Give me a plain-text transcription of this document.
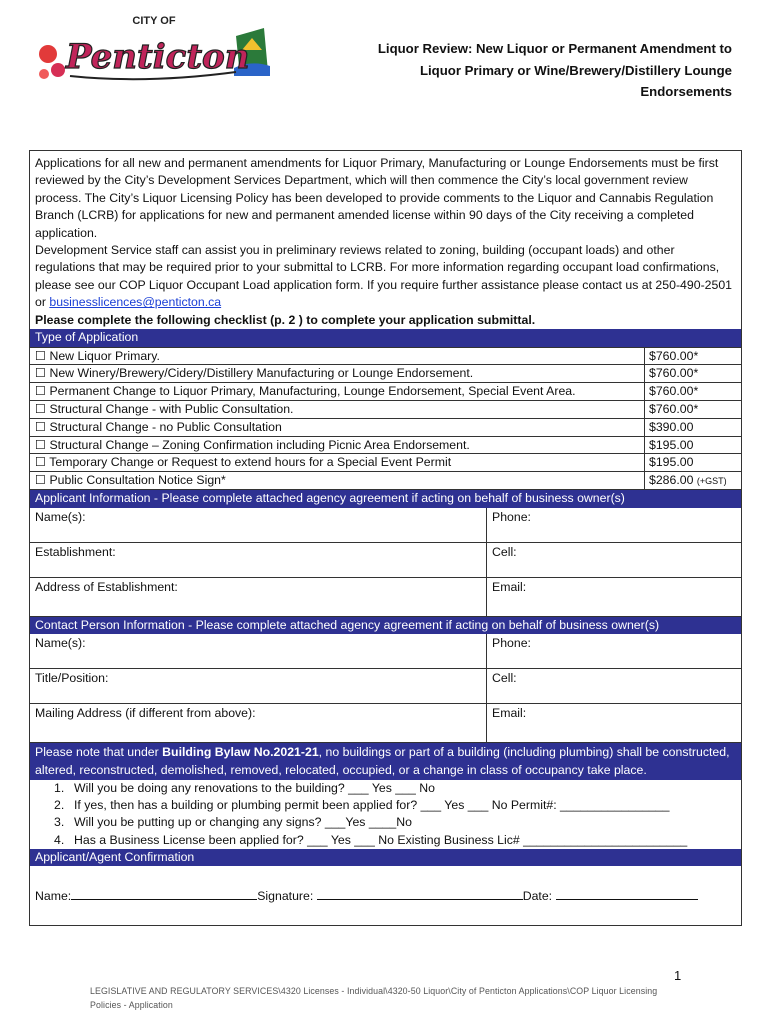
CITY OF
Penticton	Liquor Review: New Liquor or Permanent Amendment to
Liquor Primary or Wine/Brewery/Distillery Lounge
Endorsements

Applications for all new and permanent amendments for Liquor Primary, Manufacturing or Lounge Endorsements must be first reviewed by the City’s Development Services Department, which will then commence the City’s local government review process. The City’s Liquor Licensing Policy has been developed to provide comments to the Liquor and Cannabis Regulation Branch (LCRB) for applications for new and permanent amended license within 90 days of the City receiving a completed application.

Development Service staff can assist you in preliminary reviews related to zoning, building (occupant loads) and other regulations that may be required prior to your submittal to LCRB. For more information regarding occupant load confirmations, please see our COP Liquor Occupant Load application form. If you require further assistance please contact us at 250-490-2501 or businesslicences@penticton.ca

Please complete the following checklist (p. 2 ) to complete your application submittal.

Type of Application
☐ New Liquor Primary.	$760.00*
☐ New Winery/Brewery/Cidery/Distillery Manufacturing or Lounge Endorsement.	$760.00*
☐ Permanent Change to Liquor Primary, Manufacturing, Lounge Endorsement, Special Event Area.	$760.00*
☐ Structural Change - with Public Consultation.	$760.00*
☐ Structural Change - no Public Consultation	$390.00
☐ Structural Change – Zoning Confirmation including Picnic Area Endorsement.	$195.00
☐ Temporary Change or Request to extend hours for a Special Event Permit	$195.00
☐ Public Consultation Notice Sign*	$286.00 (+GST)
Applicant Information - Please complete attached agency agreement if acting on behalf of business owner(s)
Name(s):	Phone:
Establishment:	Cell:
Address of Establishment:	Email:
Contact Person Information - Please complete attached agency agreement if acting on behalf of business owner(s)
Name(s):	Phone:
Title/Position:	Cell:
Mailing Address (if different from above):	Email:
Please note that under Building Bylaw No.2021-21, no buildings or part of a building (including plumbing) shall be constructed, altered, reconstructed, demolished, removed, relocated, occupied, or a change in class of occupancy take place.
1. Will you be doing any renovations to the building? ___ Yes ___ No
2. If yes, then has a building or plumbing permit been applied for? ___ Yes ___ No Permit#: ________________
3. Will you be putting up or changing any signs? ___Yes ____No
4. Has a Business License been applied for? ___ Yes ___ No Existing Business Lic# ________________________
Applicant/Agent Confirmation
Name:	Signature:	Date:
1
LEGISLATIVE AND REGULATORY SERVICES\4320 Licenses - Individual\4320-50 Liquor\City of Penticton Applications\COP Liquor Licensing Policies - Application
